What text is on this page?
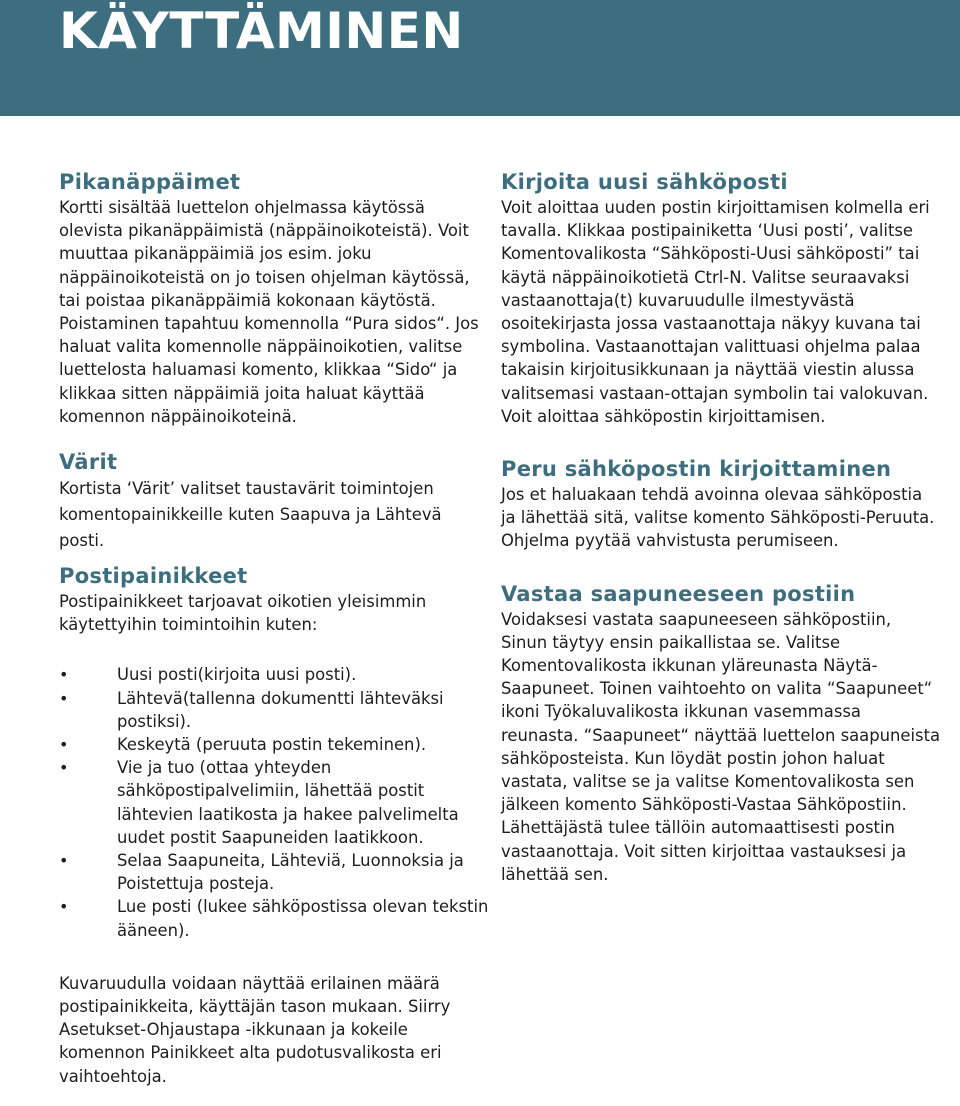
KÄYTTÄMINEN
Pikanäppäimet

Kortti sisältää luettelon ohjelmassa käytössä olevista pikanäppäimistä (näppäinoikoteistä). Voit muuttaa pikanäppäimiä jos esim. joku näppäinoikoteistä on jo toisen ohjelman käytössä, tai poistaa pikanäppäimiä kokonaan käytöstä. Poistaminen tapahtuu komennolla “Pura sidos“. Jos haluat valita komennolle näppäinoikotien, valitse luettelosta haluamasi komento, klikkaa “Sido“ ja klikkaa sitten näppäimiä joita haluat käyttää komennon näppäinoikoteinä.

Värit

Kortista ‘Värit’ valitset taustavärit toimintojen komentopainikkeille kuten Saapuva ja Lähtevä posti.

Postipainikkeet

Postipainikkeet tarjoavat oikotien yleisimmin käytettyihin toimintoihin kuten:

•	Uusi posti(kirjoita uusi posti).
•	Lähtevä(tallenna dokumentti lähteväksi postiksi).
•	Keskeytä (peruuta postin tekeminen).
•	Vie ja tuo (ottaa yhteyden sähköpostipalvelimiin, lähettää postit lähtevien laatikosta ja hakee palvelimelta uudet postit Saapuneiden laatikkoon.
•	Selaa Saapuneita, Lähteviä, Luonnoksia ja Poistettuja posteja.
•	Lue posti (lukee sähköpostissa olevan tekstin ääneen).

Kuvaruudulla voidaan näyttää erilainen määrä postipainikkeita, käyttäjän tason mukaan. Siirry Asetukset-Ohjaustapa -ikkunaan ja kokeile komennon Painikkeet alta pudotusvalikosta eri vaihtoehtoja.

Kirjoita uusi sähköposti

Voit aloittaa uuden postin kirjoittamisen kolmella eri tavalla. Klikkaa postipainiketta ‘Uusi posti’, valitse Komentovalikosta “Sähköposti-Uusi sähköposti” tai käytä näppäinoikotietä Ctrl-N. Valitse seuraavaksi vastaanottaja(t) kuvaruudulle ilmestyvästä osoitekirjasta jossa vastaanottaja näkyy kuvana tai symbolina. Vastaanottajan valittuasi ohjelma palaa takaisin kirjoitusikkunaan ja näyttää viestin alussa valitsemasi vastaan-ottajan symbolin tai valokuvan. Voit aloittaa sähköpostin kirjoittamisen.

Peru sähköpostin kirjoittaminen

Jos et haluakaan tehdä avoinna olevaa sähköpostia ja lähettää sitä, valitse komento Sähköposti-Peruuta. Ohjelma pyytää vahvistusta perumiseen.

Vastaa saapuneeseen postiin

Voidaksesi vastata saapuneeseen sähköpostiin, Sinun täytyy ensin paikallistaa se. Valitse Komentovalikosta ikkunan yläreunasta Näytä-Saapuneet. Toinen vaihtoehto on valita “Saapuneet“ ikoni Työkaluvalikosta ikkunan vasemmassa reunasta. “Saapuneet“ näyttää luettelon saapuneista sähköposteista. Kun löydät postin johon haluat vastata, valitse se ja valitse Komentovalikosta sen jälkeen komento Sähköposti-Vastaa Sähköpostiin. Lähettäjästä tulee tällöin automaattisesti postin vastaanottaja. Voit sitten kirjoittaa vastauksesi ja lähettää sen.
